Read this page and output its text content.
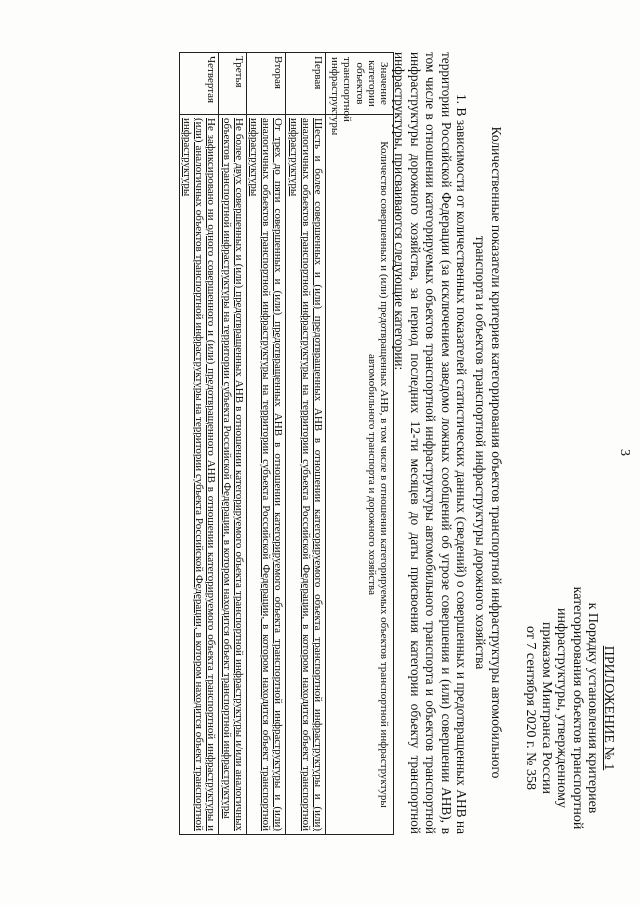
3
ПРИЛОЖЕНИЕ № 1
к Порядку установления критериев
категорирования объектов транспортной
инфраструктуры, утвержденному
приказом Минтранса России
от 7 сентября 2020 г. № 358
Количественные показатели критериев категорирования объектов транспортной инфраструктуры автомобильного
транспорта и объектов транспортной инфраструктуры дорожного хозяйства

1. В зависимости от количественных показателей статистических данных (сведений) о совершенных и предотвращенных АНВ на территории Российской Федерации (за исключением заведомо ложных сообщений об угрозе совершения и (или) совершении АНВ), в том числе в отношении категорируемых объектов транспортной инфраструктуры автомобильного транспорта и объектов транспортной инфраструктуры дорожного хозяйства, за период последних 12-ти месяцев до даты присвоения категории объекту транспортной инфраструктуры, присваиваются следующие категории:

Значение категории объектов транспортной инфраструктуры	Количество совершенных и (или) предотвращенных АНВ, в том числе в отношении категорируемых объектов транспортной инфраструктуры автомобильного транспорта и дорожного хозяйства
Первая	Шесть и более совершенных и (или) предотвращенных АНВ в отношении категорируемого объекта транспортной инфраструктуры и (или) аналогичных объектов транспортной инфраструктуры на территории субъекта Российской Федерации, в котором находится объект транспортной инфраструктуры
Вторая	От трех до пяти совершенных и (или) предотвращенных АНВ в отношении категорируемого объекта транспортной инфраструктуры и (или) аналогичных объектов транспортной инфраструктуры на территории субъекта Российской Федерации, в котором находится объект транспортной инфраструктуры
Третья	Не более двух совершенных и (или) предотвращенных АНВ в отношении категорируемого объекта транспортной инфраструктуры и/или аналогичных объектов транспортной инфраструктуры на территории субъекта Российской Федерации, в котором находится объект транспортной инфраструктуры
Четвертая	Не зафиксировано ни одного совершенного и (или) предотвращенного АНВ в отношении категорируемого объекта транспортной инфраструктуры и (или) аналогичных объектов транспортной инфраструктуры на территории субъекта Российской Федерации, в котором находится объект транспортной инфраструктуры
